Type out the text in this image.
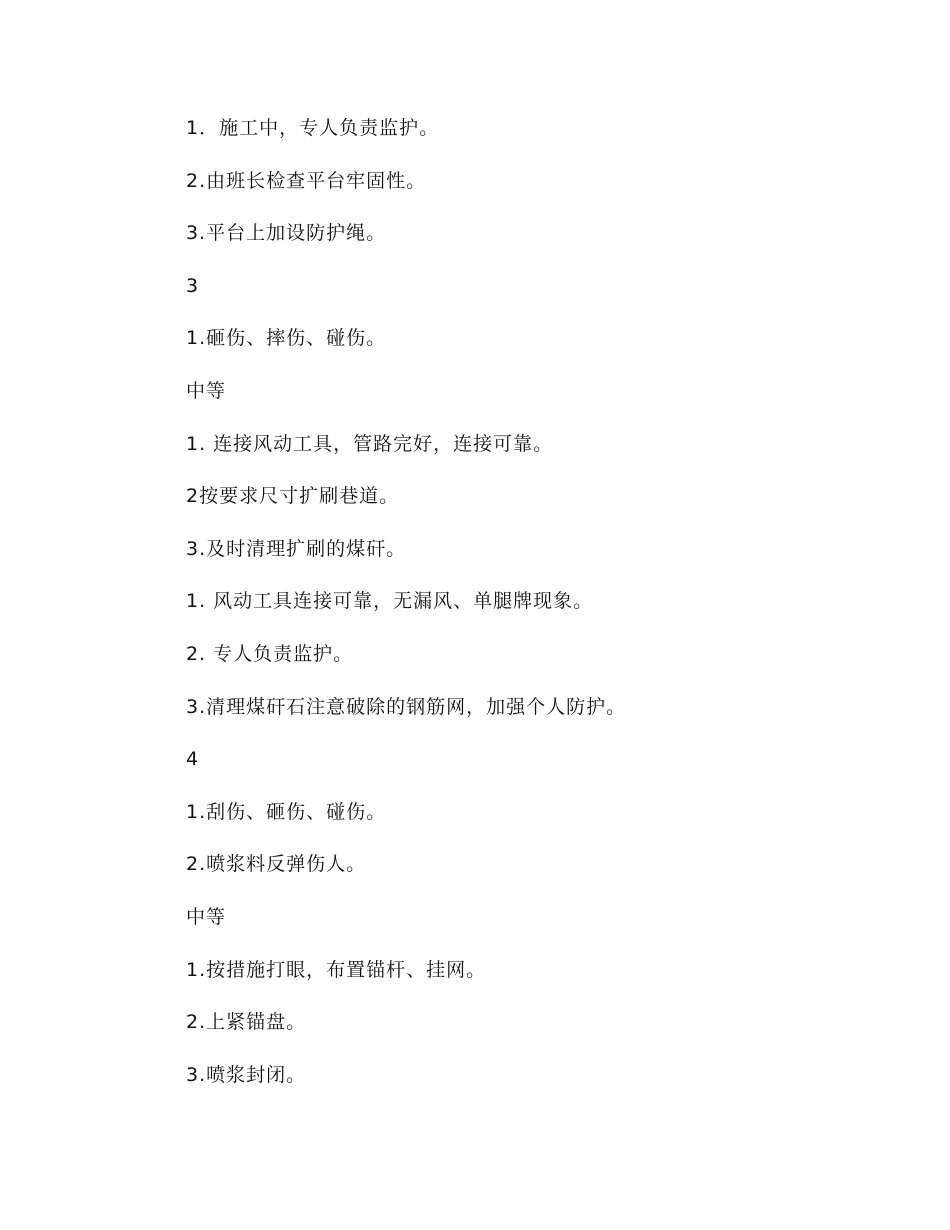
1．施工中，专人负责监护。
2.由班长检查平台牢固性。
3.平台上加设防护绳。
3
1.砸伤、摔伤、碰伤。
中等
1. 连接风动工具，管路完好，连接可靠。
2按要求尺寸扩刷巷道。
3.及时清理扩刷的煤矸。
1. 风动工具连接可靠，无漏风、单腿牌现象。
2. 专人负责监护。
3.清理煤矸石注意破除的钢筋网，加强个人防护。
4
1.刮伤、砸伤、碰伤。
2.喷浆料反弹伤人。
中等
1.按措施打眼，布置锚杆、挂网。
2.上紧锚盘。
3.喷浆封闭。
